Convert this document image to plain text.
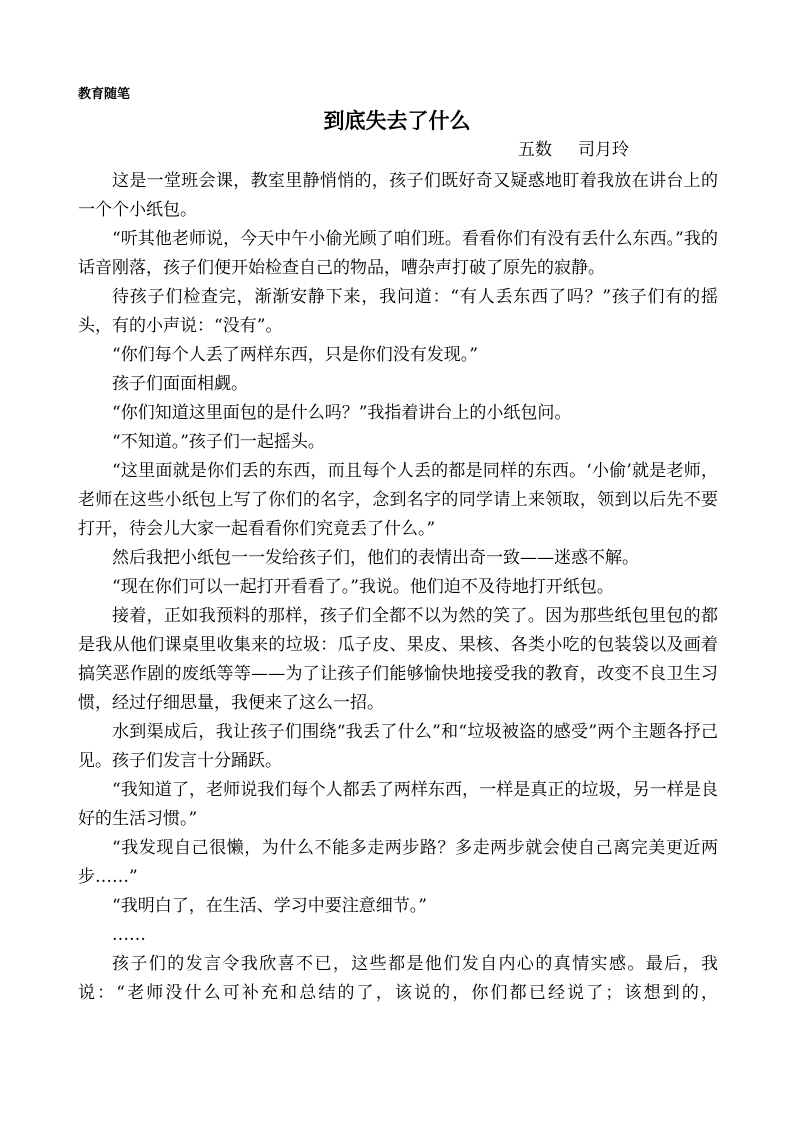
教育随笔
到底失去了什么
五数 司月玲

这是一堂班会课，教室里静悄悄的，孩子们既好奇又疑惑地盯着我放在讲台上的一个个小纸包。

“听其他老师说，今天中午小偷光顾了咱们班。看看你们有没有丢什么东西。”我的话音刚落，孩子们便开始检查自己的物品，嘈杂声打破了原先的寂静。

待孩子们检查完，渐渐安静下来，我问道：“有人丢东西了吗？”孩子们有的摇头，有的小声说：“没有”。

“你们每个人丢了两样东西，只是你们没有发现。”

孩子们面面相觑。

“你们知道这里面包的是什么吗？”我指着讲台上的小纸包问。

“不知道。”孩子们一起摇头。

“这里面就是你们丢的东西，而且每个人丢的都是同样的东西。‘小偷’就是老师，老师在这些小纸包上写了你们的名字，念到名字的同学请上来领取，领到以后先不要打开，待会儿大家一起看看你们究竟丢了什么。”

然后我把小纸包一一发给孩子们，他们的表情出奇一致——迷惑不解。

“现在你们可以一起打开看看了。”我说。他们迫不及待地打开纸包。

接着，正如我预料的那样，孩子们全都不以为然的笑了。因为那些纸包里包的都是我从他们课桌里收集来的垃圾：瓜子皮、果皮、果核、各类小吃的包装袋以及画着搞笑恶作剧的废纸等等——为了让孩子们能够愉快地接受我的教育，改变不良卫生习惯，经过仔细思量，我便来了这么一招。

水到渠成后，我让孩子们围绕“我丢了什么”和“垃圾被盗的感受”两个主题各抒己见。孩子们发言十分踊跃。

“我知道了，老师说我们每个人都丢了两样东西，一样是真正的垃圾，另一样是良好的生活习惯。”

“我发现自己很懒，为什么不能多走两步路？多走两步就会使自己离完美更近两步……”

“我明白了，在生活、学习中要注意细节。”

……

孩子们的发言令我欣喜不已，这些都是他们发自内心的真情实感。最后，我说：“老师没什么可补充和总结的了，该说的，你们都已经说了；该想到的，
